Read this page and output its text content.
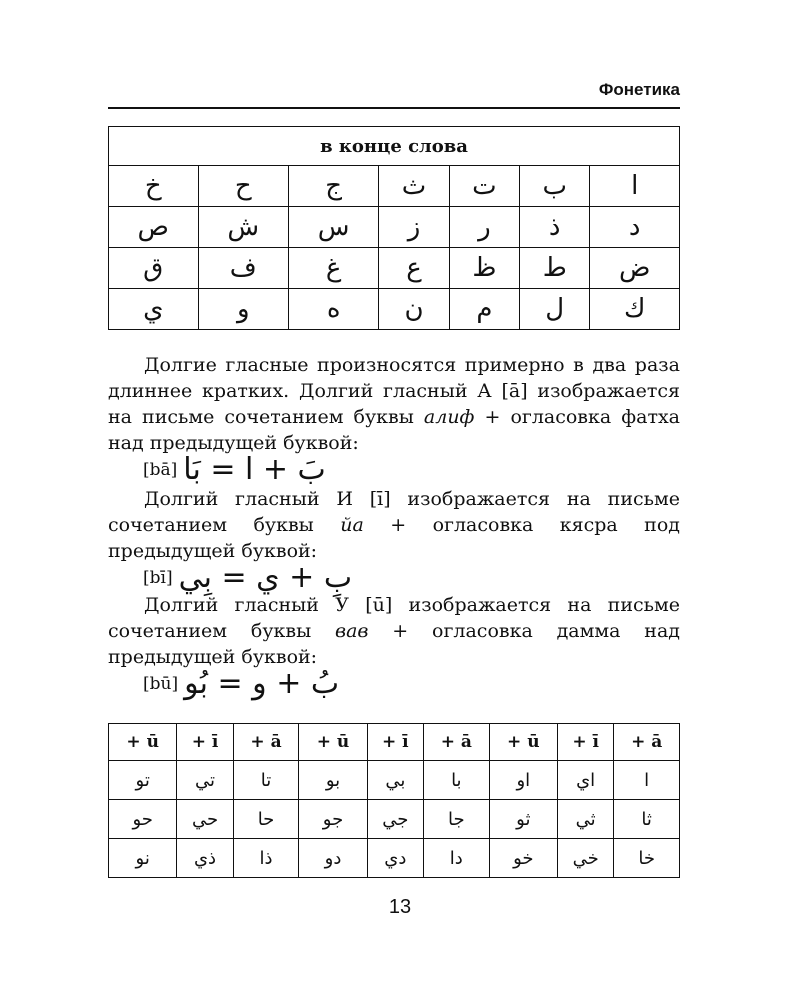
Фонетика
в конце слова						
خ	ح	ج	ث	ت	ب	ا
ص	ش	س	ز	ر	ذ	د
ق	ف	غ	ع	ظ	ط	ض
ي	و	ه	ن	م	ل	ك

Долгие гласные произносятся примерно в два раза длиннее кратких. Долгий гласный А [ā] изображается на письме сочетанием буквы алиф + огласовка фатха над предыдущей буквой:

[bā] بَ + ا = بَا

Долгий гласный И [ī] изображается на письме сочетанием буквы йа + огласовка кясра под предыдущей буквой:

[bī] بِ + ي = بِي

Долгий гласный У [ū] изображается на письме сочетанием буквы вав + огласовка дамма над предыдущей буквой:

[bū] بُ + و = بُو
+ ū	+ ī	+ ā	+ ū	+ ī	+ ā	+ ū	+ ī	+ ā
تو	تي	تا	بو	بي	با	او	اي	ا
حو	حي	حا	جو	جي	جا	ثو	ثي	ثا
نو	ذي	ذا	دو	دي	دا	خو	خي	خا
13
